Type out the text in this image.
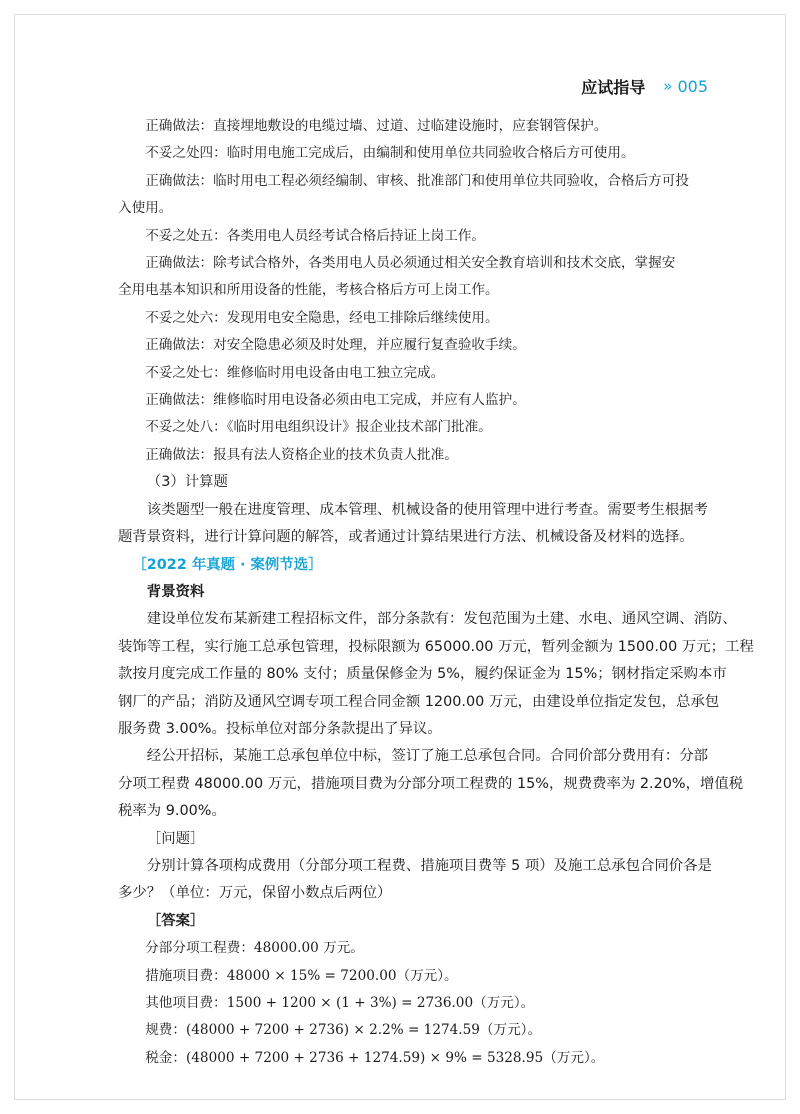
应试指导 » 005
正确做法：直接埋地敷设的电缆过墙、过道、过临建设施时，应套钢管保护。
不妥之处四：临时用电施工完成后，由编制和使用单位共同验收合格后方可使用。
正确做法：临时用电工程必须经编制、审核、批准部门和使用单位共同验收，合格后方可投
入使用。
不妥之处五：各类用电人员经考试合格后持证上岗工作。
正确做法：除考试合格外，各类用电人员必须通过相关安全教育培训和技术交底，掌握安
全用电基本知识和所用设备的性能，考核合格后方可上岗工作。
不妥之处六：发现用电安全隐患，经电工排除后继续使用。
正确做法：对安全隐患必须及时处理，并应履行复查验收手续。
不妥之处七：维修临时用电设备由电工独立完成。
正确做法：维修临时用电设备必须由电工完成，并应有人监护。
不妥之处八：《临时用电组织设计》报企业技术部门批准。
正确做法：报具有法人资格企业的技术负责人批准。
（3）计算题
该类题型一般在进度管理、成本管理、机械设备的使用管理中进行考查。需要考生根据考
题背景资料，进行计算问题的解答，或者通过计算结果进行方法、机械设备及材料的选择。
［2022 年真题 · 案例节选］
背景资料
建设单位发布某新建工程招标文件，部分条款有：发包范围为土建、水电、通风空调、消防、
装饰等工程，实行施工总承包管理，投标限额为 65000.00 万元，暂列金额为 1500.00 万元；工程
款按月度完成工作量的 80% 支付；质量保修金为 5%，履约保证金为 15%；钢材指定采购本市
钢厂的产品；消防及通风空调专项工程合同金额 1200.00 万元，由建设单位指定发包，总承包
服务费 3.00%。投标单位对部分条款提出了异议。
经公开招标，某施工总承包单位中标，签订了施工总承包合同。合同价部分费用有：分部
分项工程费 48000.00 万元，措施项目费为分部分项工程费的 15%，规费费率为 2.20%，增值税
税率为 9.00%。
［问题］
分别计算各项构成费用（分部分项工程费、措施项目费等 5 项）及施工总承包合同价各是
多少？（单位：万元，保留小数点后两位）
［答案］
分部分项工程费：48000.00 万元。
措施项目费：48000 × 15% = 7200.00（万元）。
其他项目费：1500 + 1200 × (1 + 3%) = 2736.00（万元）。
规费：(48000 + 7200 + 2736) × 2.2% = 1274.59（万元）。
税金：(48000 + 7200 + 2736 + 1274.59) × 9% = 5328.95（万元）。
